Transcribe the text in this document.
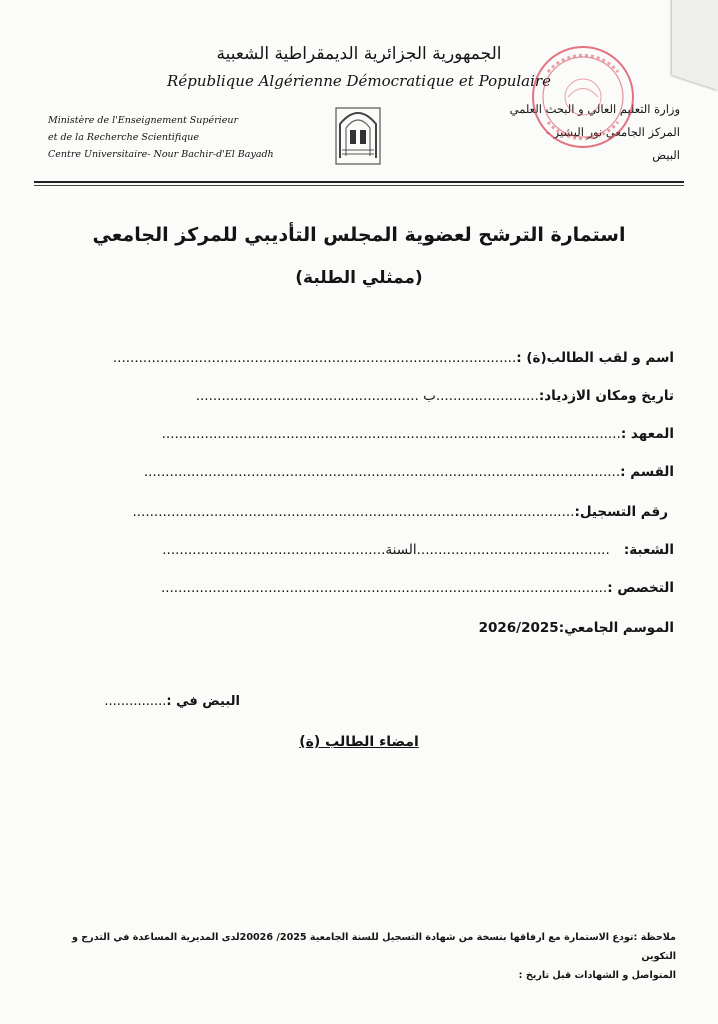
الجمهورية الجزائرية الديمقراطية الشعبية
République Algérienne Démocratique et Populaire
Ministère de l'Enseignement Supérieur
et de la Recherche Scientifique
Centre Universitaire- Nour Bachir-d'El Bayadh
وزارة التعليم العالي و البحث العلمي
المركز الجامعي نور البشير -
البيض
استمارة الترشح لعضوية المجلس التأديبي للمركز الجامعي
(ممثلي الطلبة)
اسم و لقب الطالب(ة) :..............................................................................................
تاريخ ومكان الازدياد:........................ب ....................................................
المعهد :...........................................................................................................
القسم :...............................................................................................................
رقم التسجيل:.......................................................................................................
الشعبة:   .............................................السنة....................................................
التخصص :........................................................................................................
الموسم الجامعي:2026/2025
البيض في :...............
امضاء الطالب (ة)
ملاحظة :تودع الاستمارة مع ارفاقها بنسخة من شهادة التسجيل للسنة الجامعية 2025/ 20026لدى المديرية المساعدة في التدرج و التكوين
المتواصل و الشهادات قبل تاريخ :
